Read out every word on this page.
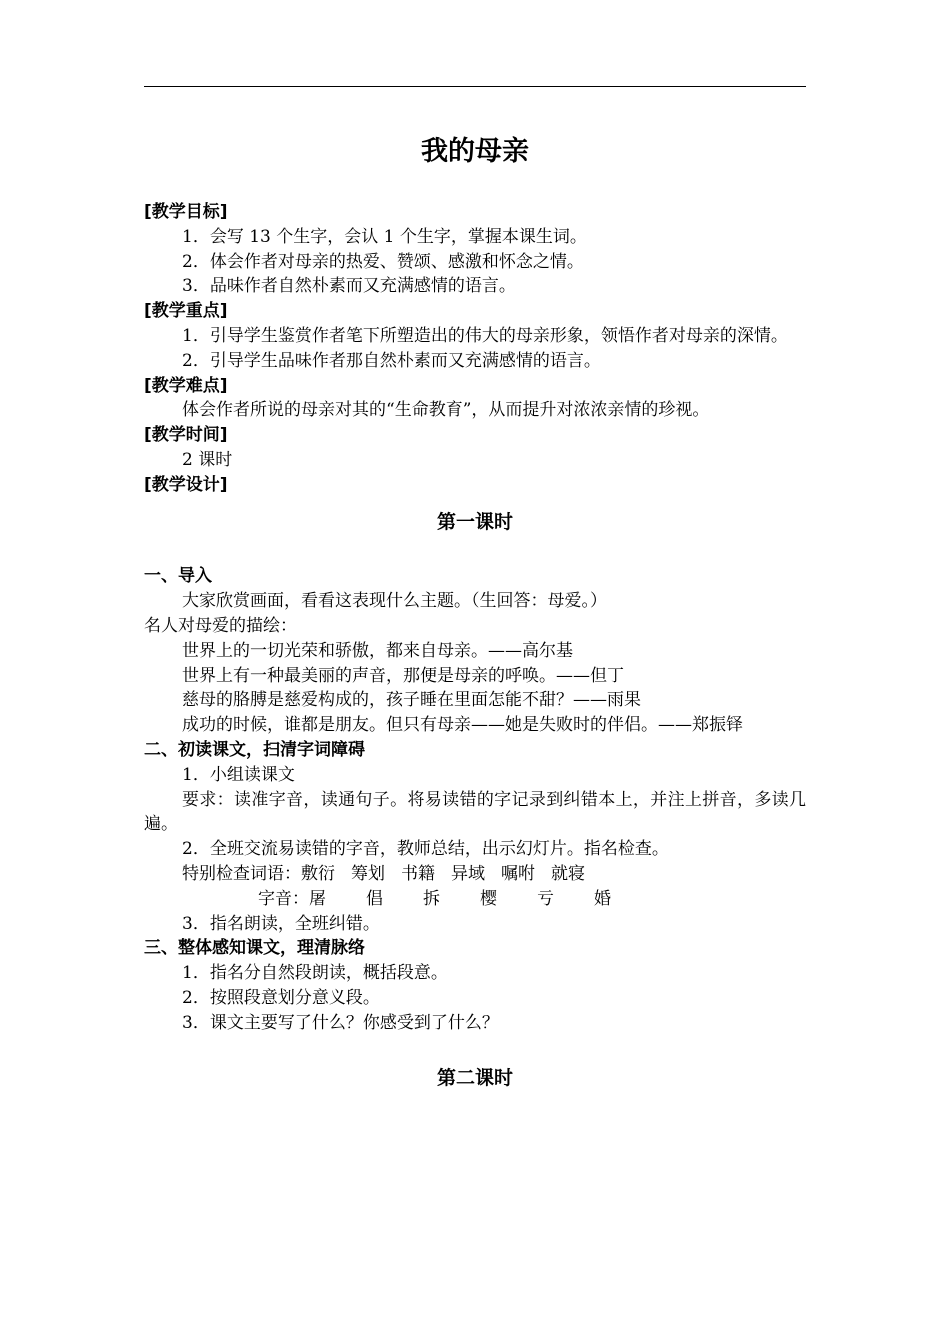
我的母亲
[教学目标]
1．会写 13 个生字，会认 1 个生字，掌握本课生词。
2．体会作者对母亲的热爱、赞颂、感激和怀念之情。
3．品味作者自然朴素而又充满感情的语言。
[教学重点]
1．引导学生鉴赏作者笔下所塑造出的伟大的母亲形象，领悟作者对母亲的深情。
2．引导学生品味作者那自然朴素而又充满感情的语言。
[教学难点]
体会作者所说的母亲对其的“生命教育”，从而提升对浓浓亲情的珍视。
[教学时间]
2 课时
[教学设计]
第一课时
一、导入
大家欣赏画面，看看这表现什么主题。（生回答：母爱。）
名人对母爱的描绘：
世界上的一切光荣和骄傲，都来自母亲。——高尔基
世界上有一种最美丽的声音，那便是母亲的呼唤。——但丁
慈母的胳膊是慈爱构成的，孩子睡在里面怎能不甜？——雨果
成功的时候，谁都是朋友。但只有母亲——她是失败时的伴侣。——郑振铎
二、初读课文，扫清字词障碍
1．小组读课文
要求：读准字音，读通句子。将易读错的字记录到纠错本上，并注上拼音，多读几遍。
2．全班交流易读错的字音，教师总结，出示幻灯片。指名检查。
特别检查词语：敷衍 筹划 书籍 异域 嘱咐 就寝
字音：屠 倡 拆 樱 亏 婚
3．指名朗读，全班纠错。
三、整体感知课文，理清脉络
1．指名分自然段朗读，概括段意。
2．按照段意划分意义段。
3．课文主要写了什么？你感受到了什么？
第二课时
